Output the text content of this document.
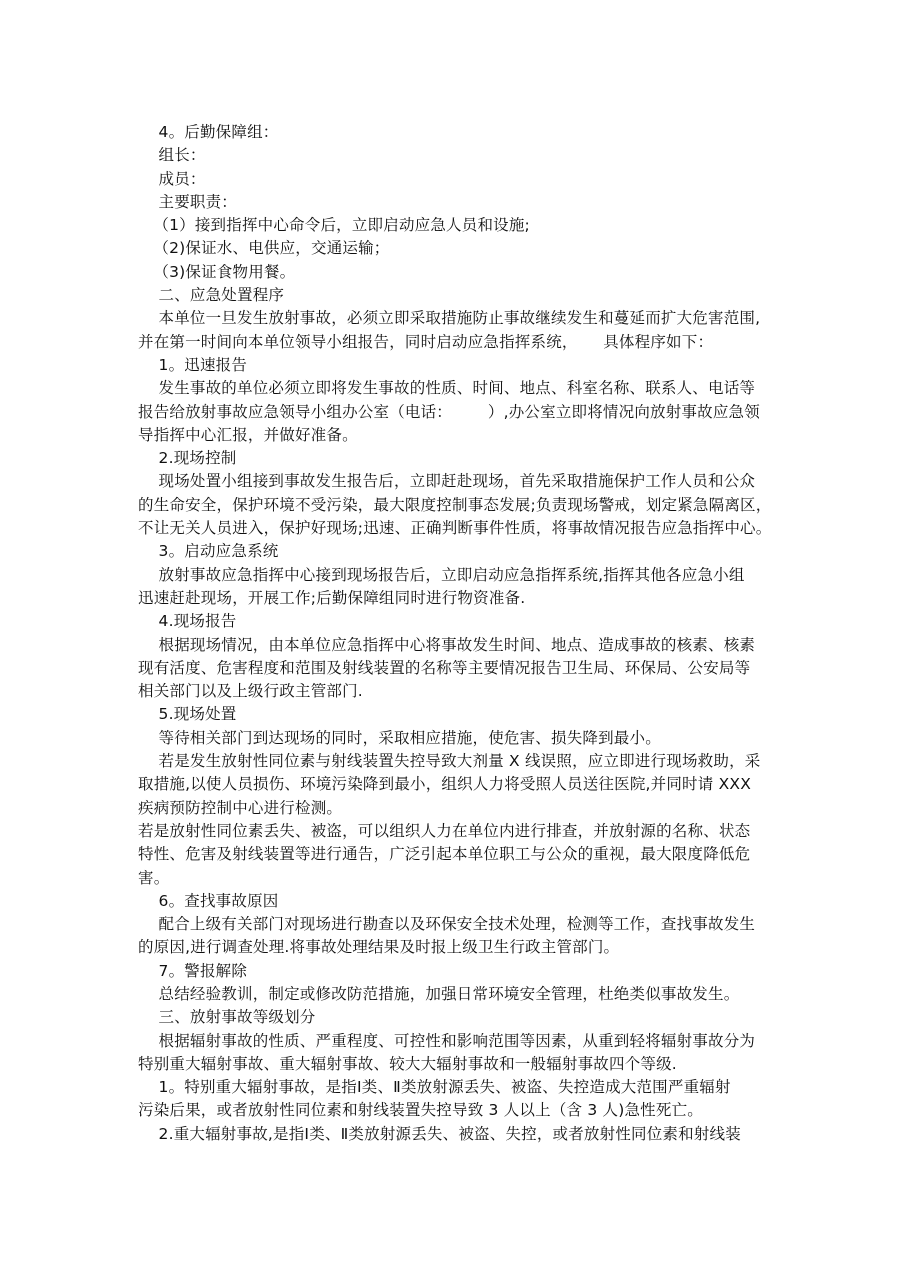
4。后勤保障组：
组长：
成员：
主要职责：
（1）接到指挥中心命令后，立即启动应急人员和设施;
（2)保证水、电供应，交通运输；
（3)保证食物用餐。
二、应急处置程序
本单位一旦发生放射事故，必须立即采取措施防止事故继续发生和蔓延而扩大危害范围,
并在第一时间向本单位领导小组报告，同时启动应急指挥系统，     具体程序如下：
1。迅速报告
发生事故的单位必须立即将发生事故的性质、时间、地点、科室名称、联系人、电话等
报告给放射事故应急领导小组办公室（电话：       ）,办公室立即将情况向放射事故应急领
导指挥中心汇报，并做好准备。
2.现场控制
现场处置小组接到事故发生报告后，立即赶赴现场，首先采取措施保护工作人员和公众
的生命安全，保护环境不受污染，最大限度控制事态发展;负责现场警戒，划定紧急隔离区，
不让无关人员进入，保护好现场;迅速、正确判断事件性质，将事故情况报告应急指挥中心。
3。启动应急系统
放射事故应急指挥中心接到现场报告后，立即启动应急指挥系统,指挥其他各应急小组
迅速赶赴现场，开展工作;后勤保障组同时进行物资准备.
4.现场报告
根据现场情况，由本单位应急指挥中心将事故发生时间、地点、造成事故的核素、核素
现有活度、危害程度和范围及射线装置的名称等主要情况报告卫生局、环保局、公安局等
相关部门以及上级行政主管部门.
5.现场处置
等待相关部门到达现场的同时，采取相应措施，使危害、损失降到最小。
若是发生放射性同位素与射线装置失控导致大剂量 X 线误照，应立即进行现场救助，采
取措施,以使人员损伤、环境污染降到最小，组织人力将受照人员送往医院,并同时请 XXX
疾病预防控制中心进行检测。
若是放射性同位素丢失、被盗，可以组织人力在单位内进行排查，并放射源的名称、状态
特性、危害及射线装置等进行通告，广泛引起本单位职工与公众的重视，最大限度降低危
害。
6。查找事故原因
配合上级有关部门对现场进行勘查以及环保安全技术处理，检测等工作，查找事故发生
的原因,进行调查处理.将事故处理结果及时报上级卫生行政主管部门。
7。警报解除
总结经验教训，制定或修改防范措施，加强日常环境安全管理，杜绝类似事故发生。
三、放射事故等级划分
根据辐射事故的性质、严重程度、可控性和影响范围等因素，从重到轻将辐射事故分为
特别重大辐射事故、重大辐射事故、较大大辐射事故和一般辐射事故四个等级.
1。特别重大辐射事故，是指Ⅰ类、Ⅱ类放射源丢失、被盗、失控造成大范围严重辐射
污染后果，或者放射性同位素和射线装置失控导致 3 人以上（含 3 人)急性死亡。
2.重大辐射事故,是指Ⅰ类、Ⅱ类放射源丢失、被盗、失控，或者放射性同位素和射线装
